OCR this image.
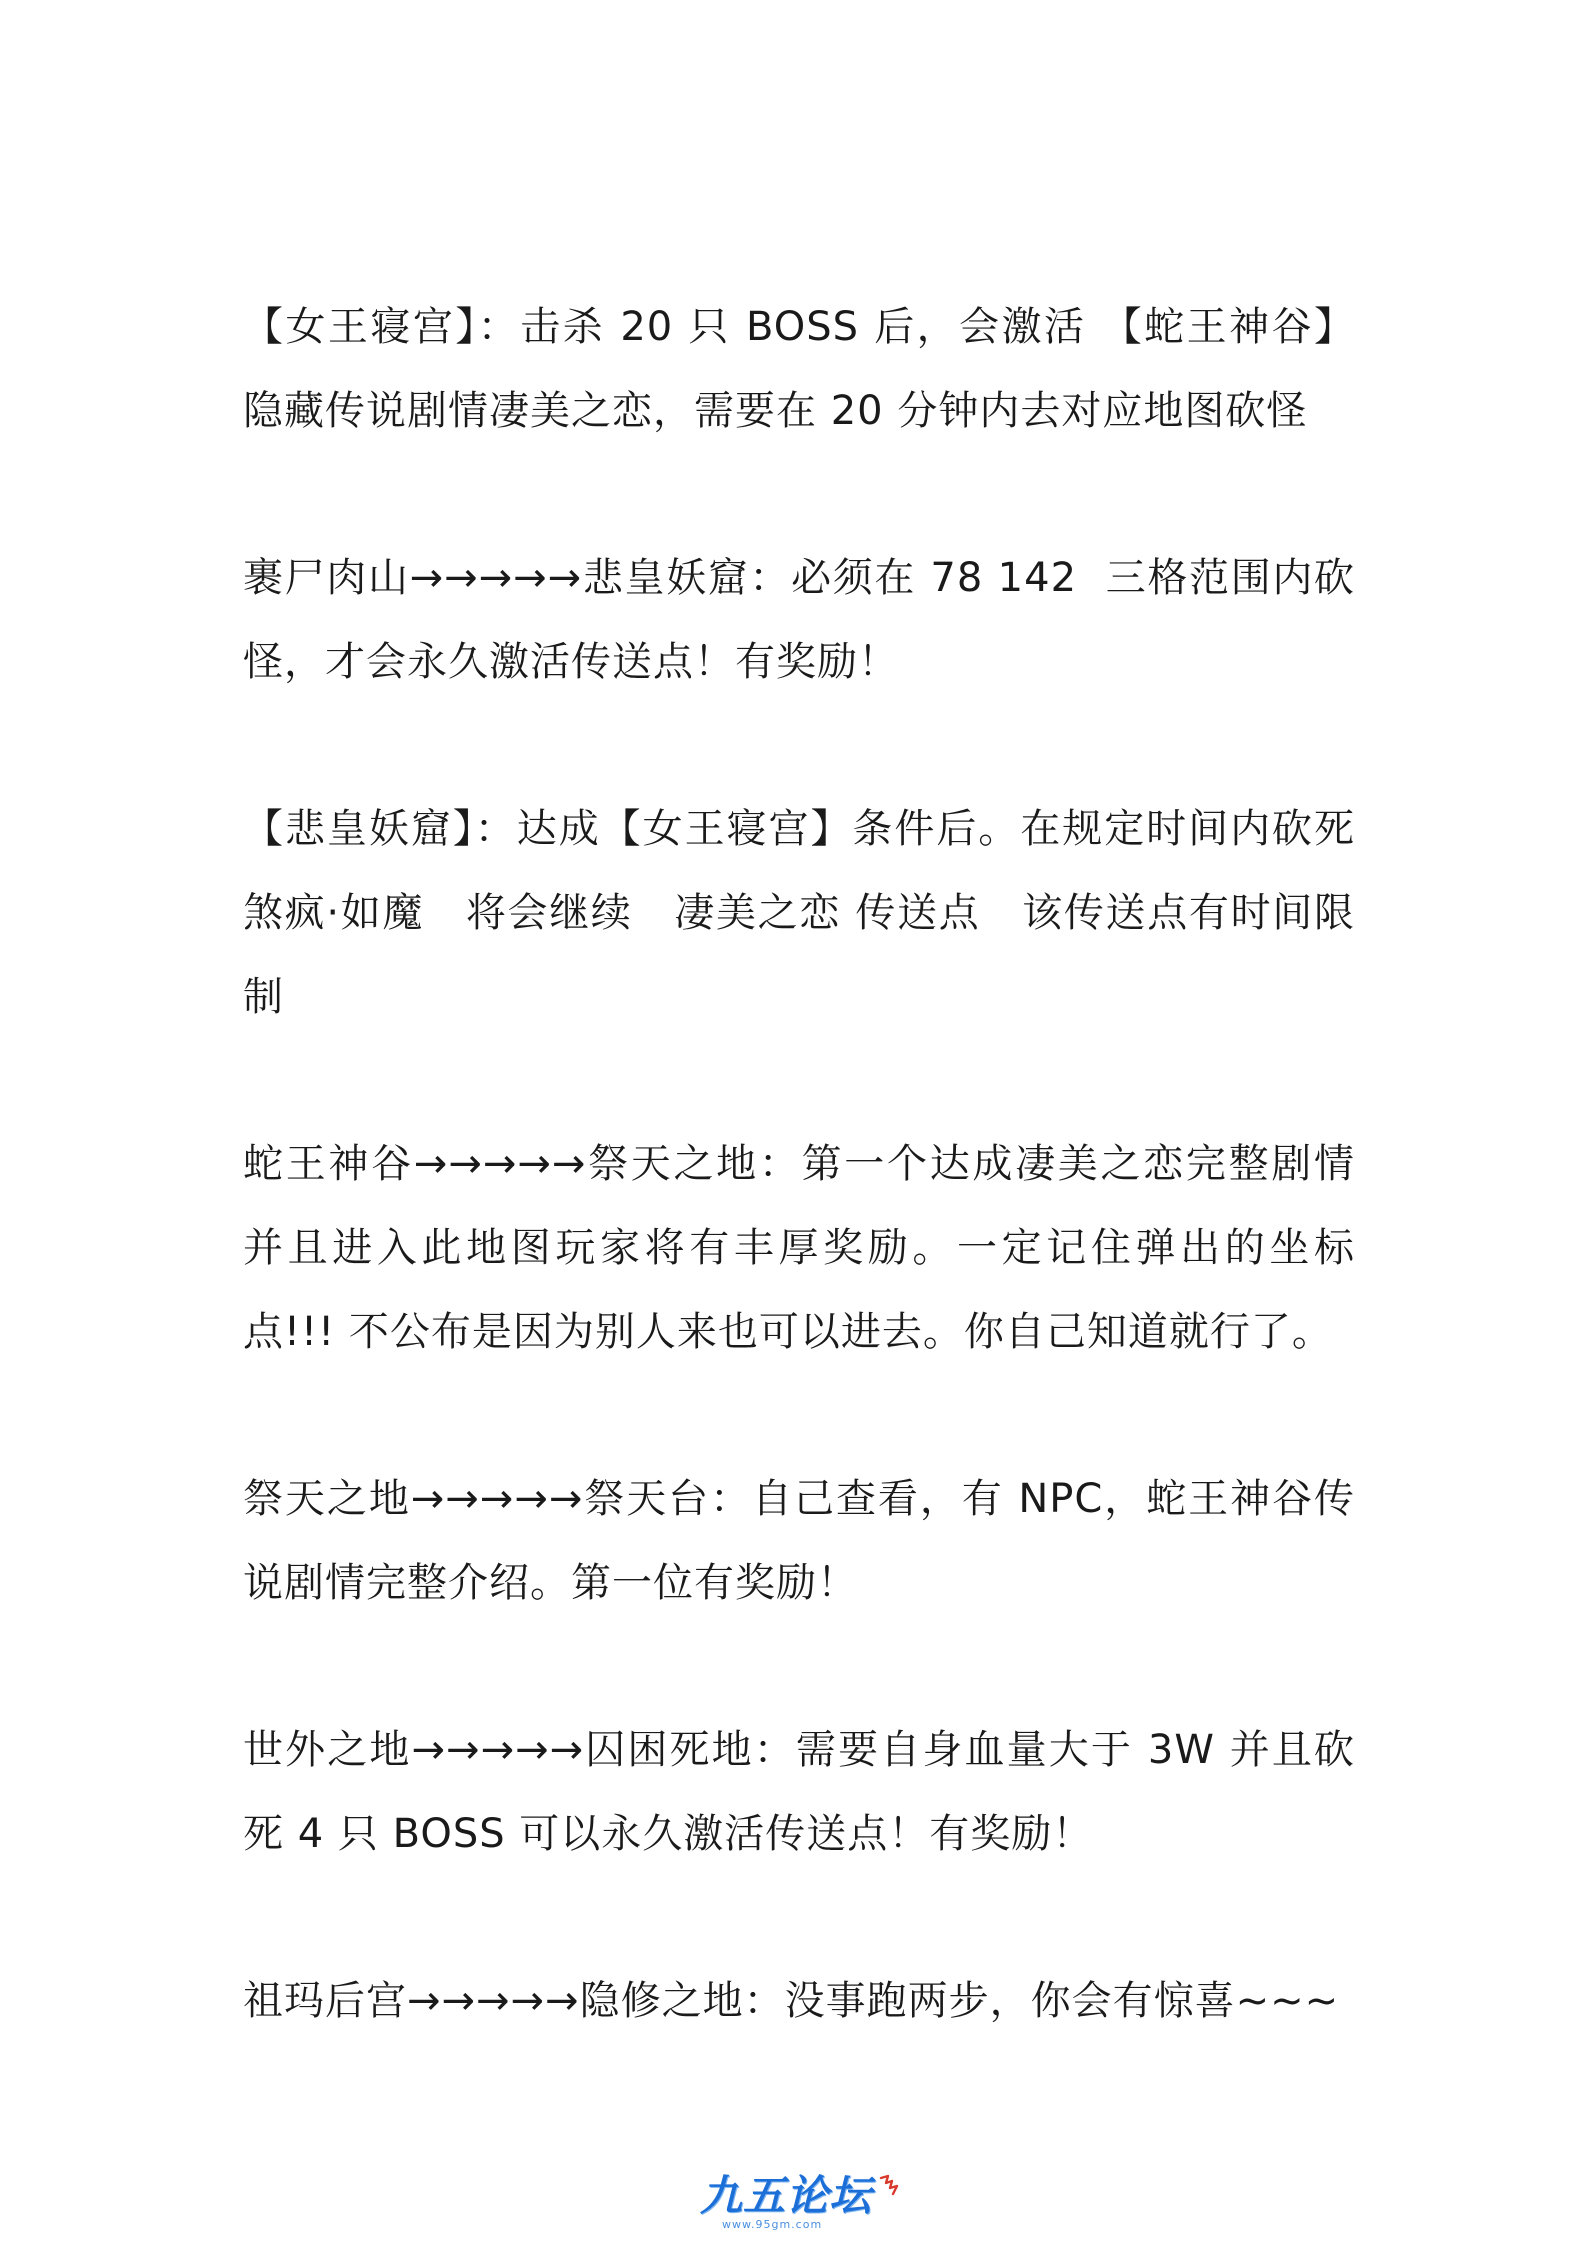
【女王寝宫】：击杀 20 只 BOSS 后，会激活 【蛇王神谷】隐藏传说剧情凄美之恋，需要在 20 分钟内去对应地图砍怪

裹尸肉山→→→→→悲皇妖窟：必须在 78 142  三格范围内砍怪，才会永久激活传送点！有奖励！

【悲皇妖窟】：达成【女王寝宫】条件后。在规定时间内砍死　 煞疯·如魔　将会继续　凄美之恋 传送点　该传送点有时间限制

蛇王神谷→→→→→祭天之地：第一个达成凄美之恋完整剧情并且进入此地图玩家将有丰厚奖励。一定记住弹出的坐标点!!! 不公布是因为别人来也可以进去。你自己知道就行了。

祭天之地→→→→→祭天台：自己查看，有 NPC，蛇王神谷传说剧情完整介绍。第一位有奖励！

世外之地→→→→→囚困死地：需要自身血量大于 3W 并且砍死 4 只 BOSS 可以永久激活传送点！有奖励！

祖玛后宫→→→→→隐修之地：没事跑两步，你会有惊喜~~~

九五论坛
www.95gm.com
